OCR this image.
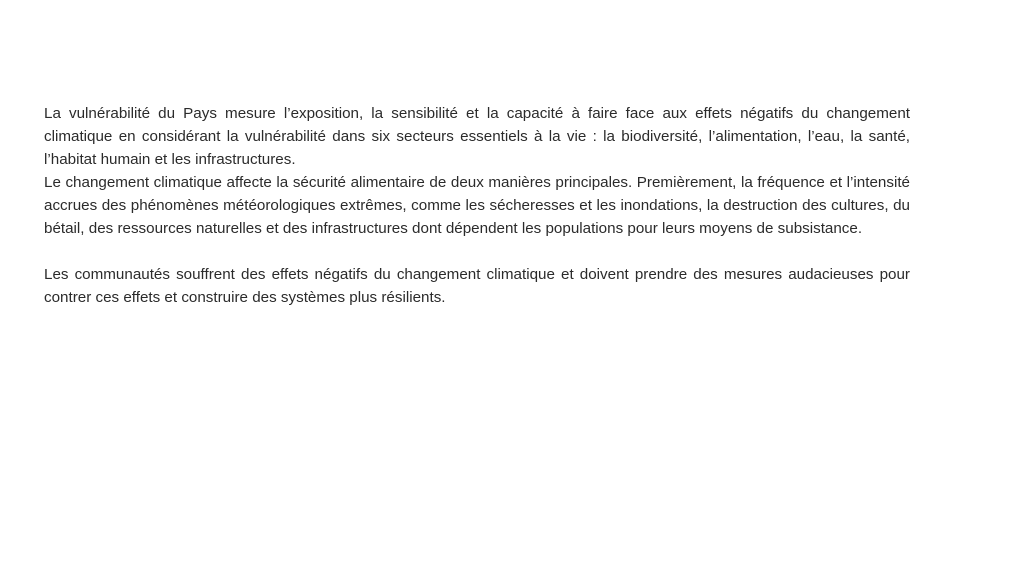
La vulnérabilité du Pays mesure l’exposition, la sensibilité et la capacité à faire face aux effets négatifs du changement climatique en considérant la vulnérabilité dans six secteurs essentiels à la vie : la biodiversité, l’alimentation, l’eau, la santé, l’habitat humain et les infrastructures.

Le changement climatique affecte la sécurité alimentaire de deux manières principales. Premièrement, la fréquence et l’intensité accrues des phénomènes météorologiques extrêmes, comme les sécheresses et les inondations, la destruction des cultures, du bétail, des ressources naturelles et des infrastructures dont dépendent les populations pour leurs moyens de subsistance.

Les communautés souffrent des effets négatifs du changement climatique et doivent prendre des mesures audacieuses pour contrer ces effets et construire des systèmes plus résilients.
